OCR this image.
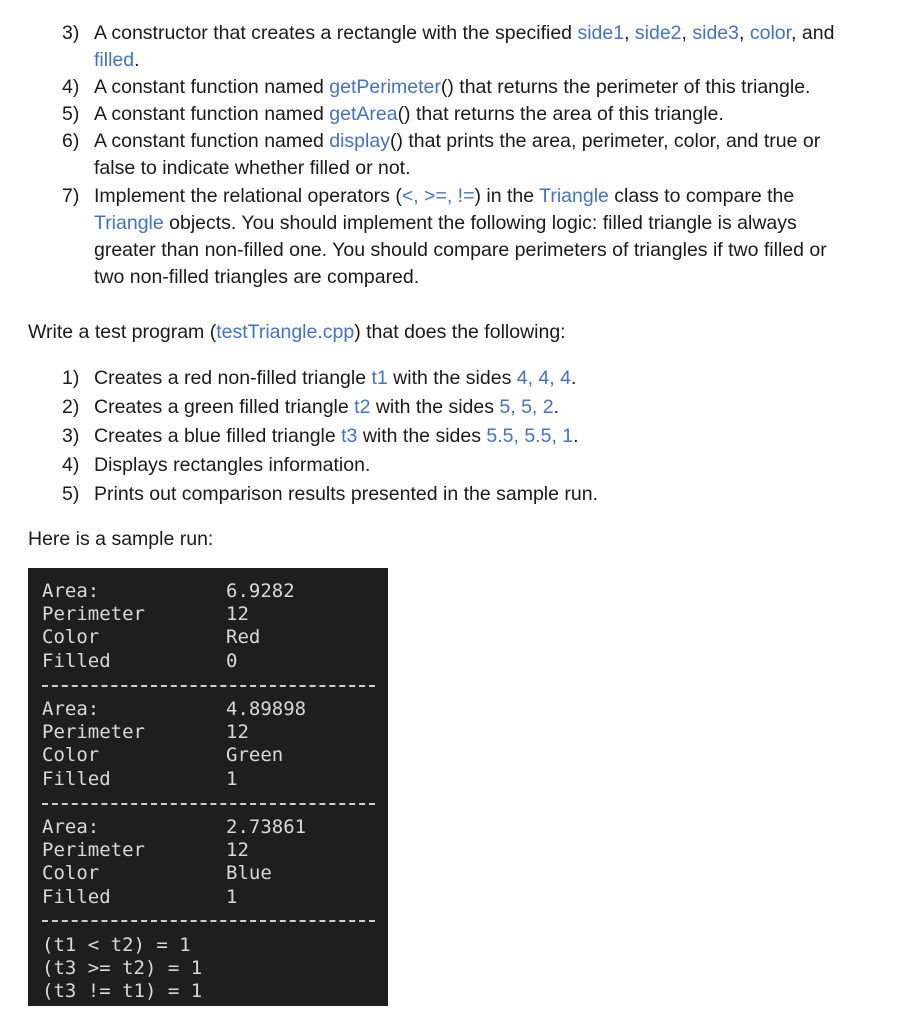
3) A constructor that creates a rectangle with the specified side1, side2, side3, color, and
filled.
4) A constant function named getPerimeter() that returns the perimeter of this triangle.
5) A constant function named getArea() that returns the area of this triangle.
6) A constant function named display() that prints the area, perimeter, color, and true or
false to indicate whether filled or not.
7) Implement the relational operators (<, >=, !=) in the Triangle class to compare the
Triangle objects. You should implement the following logic: filled triangle is always
greater than non-filled one. You should compare perimeters of triangles if two filled or
two non-filled triangles are compared.
Write a test program (testTriangle.cpp) that does the following:
1) Creates a red non-filled triangle t1 with the sides 4, 4, 4.
2) Creates a green filled triangle t2 with the sides 5, 5, 2.
3) Creates a blue filled triangle t3 with the sides 5.5, 5.5, 1.
4) Displays rectangles information.
5) Prints out comparison results presented in the sample run.
Here is a sample run:
Area:	6.9282
Perimeter	12
Color	Red
Filled	0
Area:	4.89898
Perimeter	12
Color	Green
Filled	1
Area:	2.73861
Perimeter	12
Color	Blue
Filled	1
(t1 < t2) = 1
(t3 >= t2) = 1
(t3 != t1) = 1
